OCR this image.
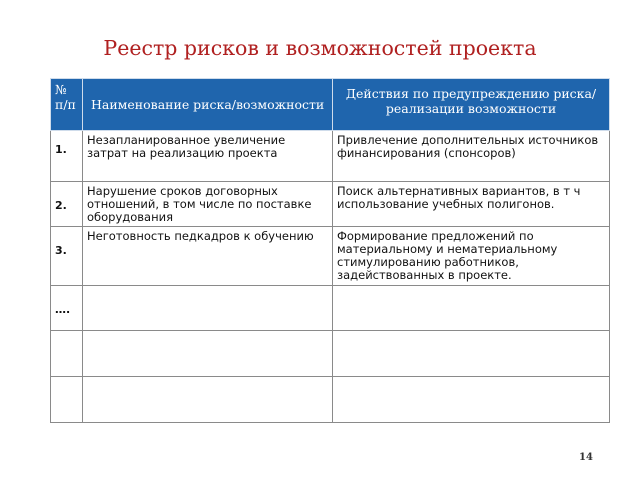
Реестр рисков и возможностей проекта
№ п/п	Наименование риска/возможности	Действия по предупреждению риска/ реализации возможности
1.	Незапланированное увеличение затрат на реализацию проекта	Привлечение дополнительных источников финансирования (спонсоров)
2.	Нарушение сроков договорных отношений, в том числе по поставке оборудования	Поиск альтернативных вариантов, в т ч использование учебных полигонов.
3.	Неготовность педкадров к обучению	Формирование предложений по материальному и нематериальному стимулированию работников, задействованных в проекте.
….		

14
